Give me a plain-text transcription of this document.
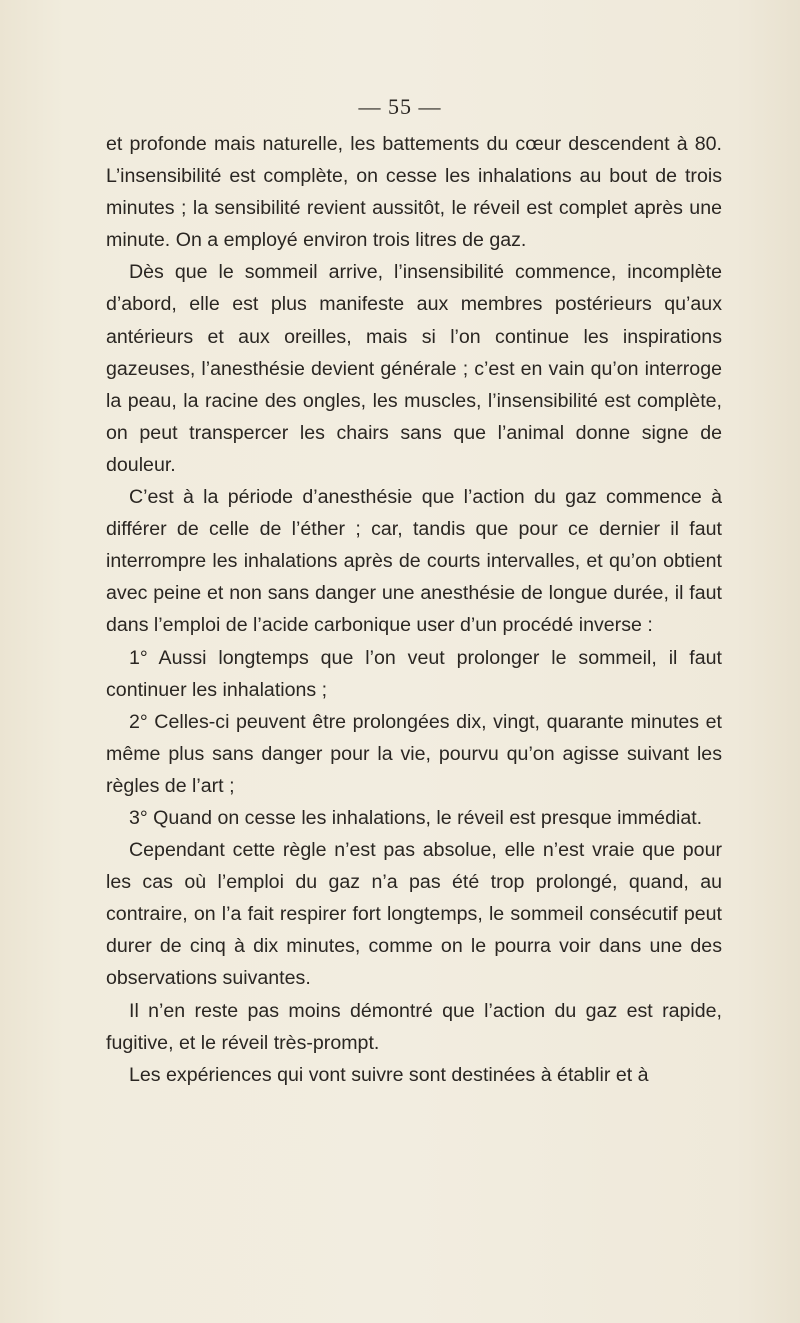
— 55 —

et profonde mais naturelle, les battements du cœur descendent à 80. L’insensibilité est complète, on cesse les inhalations au bout de trois minutes ; la sensibilité revient aussitôt, le réveil est complet après une minute. On a employé environ trois litres de gaz.

Dès que le sommeil arrive, l’insensibilité commence, incomplète d’abord, elle est plus manifeste aux membres postérieurs qu’aux antérieurs et aux oreilles, mais si l’on continue les inspirations gazeuses, l’anesthésie devient générale ; c’est en vain qu’on interroge la peau, la racine des ongles, les muscles, l’insensibilité est complète, on peut transpercer les chairs sans que l’animal donne signe de douleur.

C’est à la période d’anesthésie que l’action du gaz commence à différer de celle de l’éther ; car, tandis que pour ce dernier il faut interrompre les inhalations après de courts intervalles, et qu’on obtient avec peine et non sans danger une anesthésie de longue durée, il faut dans l’emploi de l’acide carbonique user d’un procédé inverse :

1° Aussi longtemps que l’on veut prolonger le sommeil, il faut continuer les inhalations ;

2° Celles-ci peuvent être prolongées dix, vingt, quarante minutes et même plus sans danger pour la vie, pourvu qu’on agisse suivant les règles de l’art ;

3° Quand on cesse les inhalations, le réveil est presque immédiat.

Cependant cette règle n’est pas absolue, elle n’est vraie que pour les cas où l’emploi du gaz n’a pas été trop prolongé, quand, au contraire, on l’a fait respirer fort longtemps, le sommeil consécutif peut durer de cinq à dix minutes, comme on le pourra voir dans une des observations suivantes.

Il n’en reste pas moins démontré que l’action du gaz est rapide, fugitive, et le réveil très-prompt.

Les expériences qui vont suivre sont destinées à établir et à
